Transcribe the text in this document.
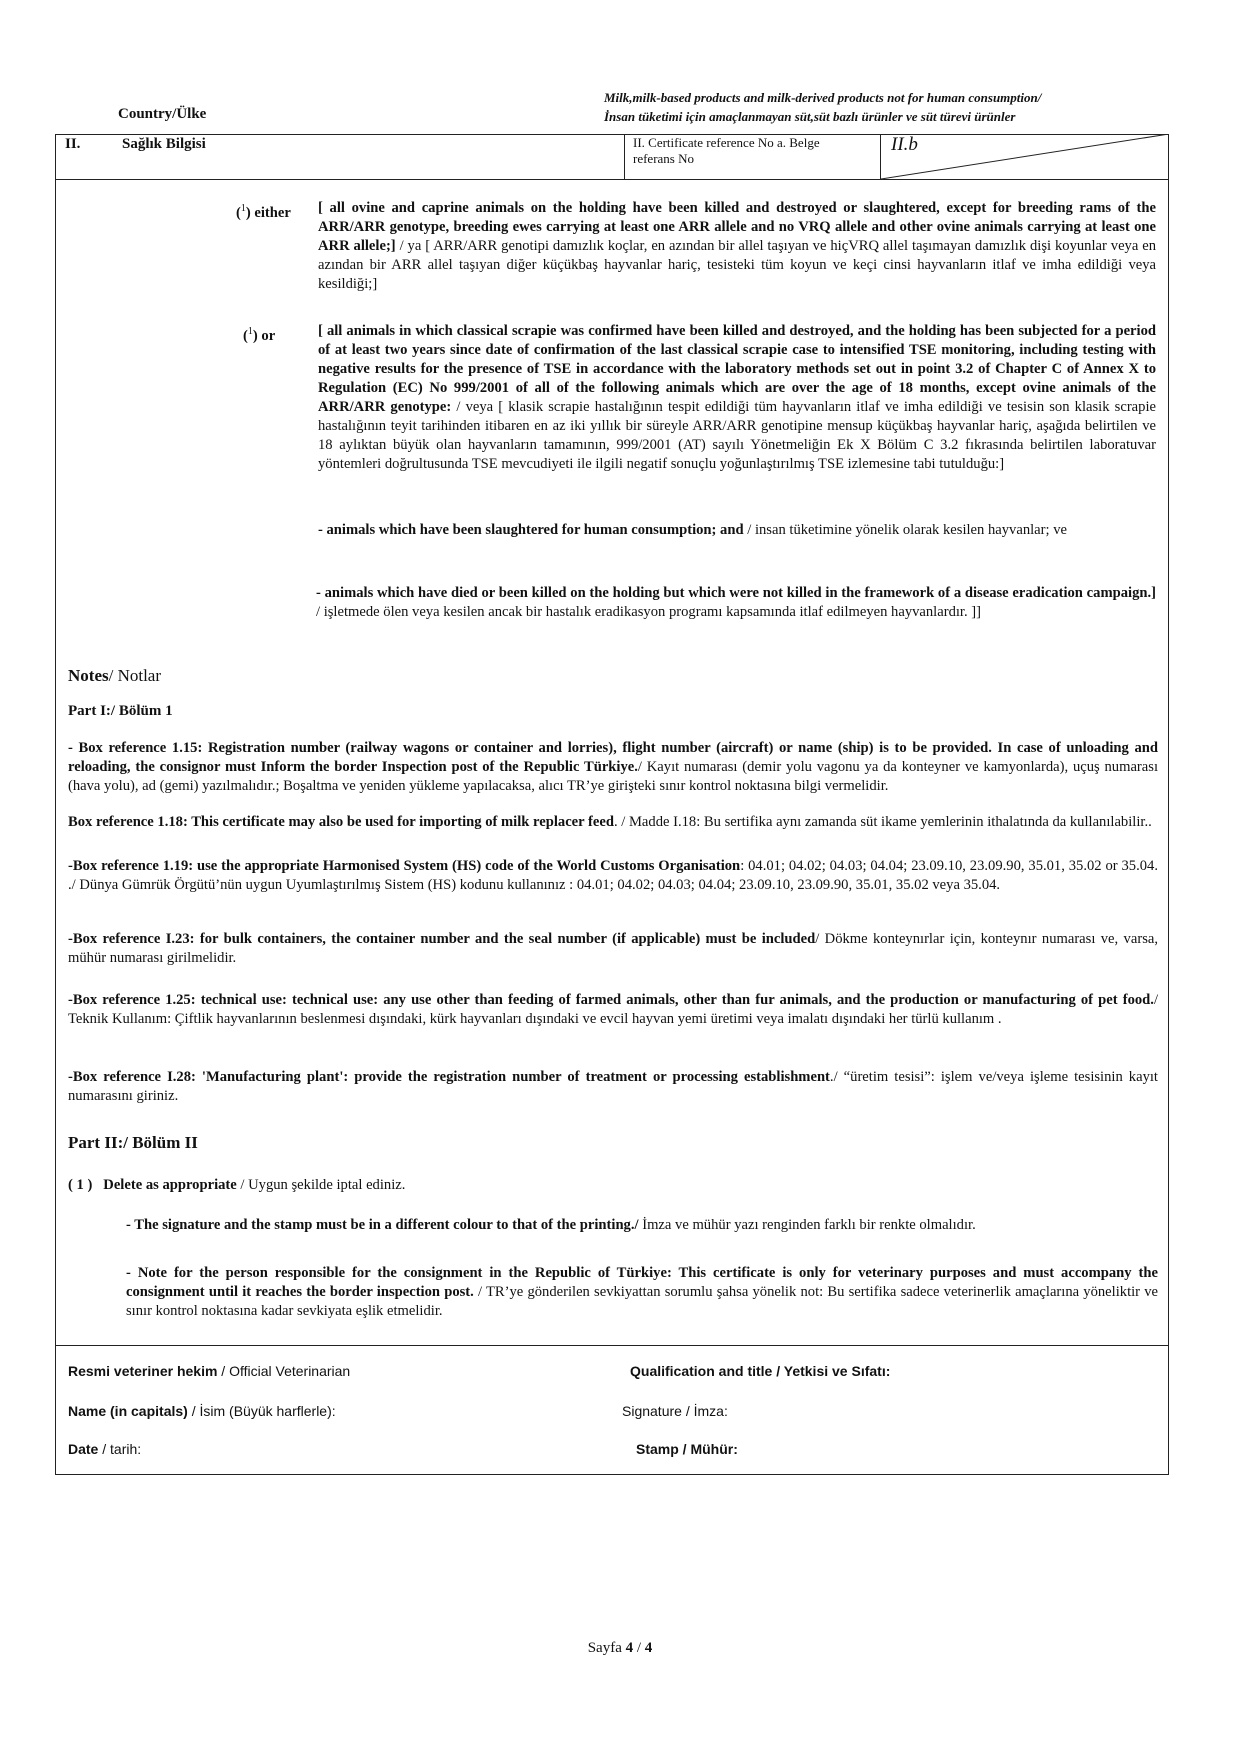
Country/Ülke
Milk,milk-based products and milk-derived products not for human consumption/
İnsan tüketimi için amaçlanmayan süt,süt bazlı ürünler ve süt türevi ürünler
II.	Sağlık Bilgisi	II. Certificate reference No a. Belge referans No
II.b
($^1$) either [ all ovine and caprine animals on the holding have been killed and destroyed or slaughtered, except for breeding rams of the ARR/ARR genotype, breeding ewes carrying at least one ARR allele and no VRQ allele and other ovine animals carrying at least one ARR allele;] / ya [ ARR/ARR genotipi damızlık koçlar, en azından bir allel taşıyan ve hiçVRQ allel taşımayan damızlık dişi koyunlar veya en azından bir ARR allel taşıyan diğer küçükbaş hayvanlar hariç, tesisteki tüm koyun ve keçi cinsi hayvanların itlaf ve imha edildiği veya kesildiği;]
($^1$) or	[ all animals in which classical scrapie was confirmed have been killed and destroyed, and the holding has been subjected for a period of at least two years since date of confirmation of the last classical scrapie case to intensified TSE monitoring, including testing with negative results for the presence of TSE in accordance with the laboratory methods set out in point 3.2 of Chapter C of Annex X to Regulation (EC) No 999/2001 of all of the following animals which are over the age of 18 months, except ovine animals of the ARR/ARR genotype: / veya [ klasik scrapie hastalığının tespit edildiği tüm hayvanların itlaf ve imha edildiği ve tesisin son klasik scrapie hastalığının teyit tarihinden itibaren en az iki yıllık bir süreyle ARR/ARR genotipine mensup küçükbaş hayvanlar hariç, aşağıda belirtilen ve 18 aylıktan büyük olan hayvanların tamamının, 999/2001 (AT) sayılı Yönetmeliğin Ek X Bölüm C 3.2 fıkrasında belirtilen laboratuvar yöntemleri doğrultusunda TSE mevcudiyeti ile ilgili negatif sonuçlu yoğunlaştırılmış TSE izlemesine tabi tutulduğu:]
- animals which have been slaughtered for human consumption; and / insan tüketimine yönelik olarak kesilen hayvanlar; ve
- animals which have died or been killed on the holding but which were not killed in the framework of a disease eradication campaign.] / işletmede ölen veya kesilen ancak bir hastalık eradikasyon programı kapsamında itlaf edilmeyen hayvanlardır. ]]
Notes/ Notlar
Part I:/ Bölüm 1
- Box reference 1.15: Registration number (railway wagons or container and lorries), flight number (aircraft) or name (ship) is to be provided. In case of unloading and reloading, the consignor must Inform the border Inspection post of the Republic Türkiye./ Kayıt numarası (demir yolu vagonu ya da konteyner ve kamyonlarda), uçuş numarası (hava yolu), ad (gemi) yazılmalıdır.; Boşaltma ve yeniden yükleme yapılacaksa, alıcı TR’ye girişteki sınır kontrol noktasına bilgi vermelidir.
Box reference 1.18: This certificate may also be used for importing of milk replacer feed. / Madde I.18: Bu sertifika aynı zamanda süt ikame yemlerinin ithalatında da kullanılabilir..
-Box reference 1.19: use the appropriate Harmonised System (HS) code of the World Customs Organisation: 04.01; 04.02; 04.03; 04.04; 23.09.10, 23.09.90, 35.01, 35.02 or 35.04. ./ Dünya Gümrük Örgütü’nün uygun Uyumlaştırılmış Sistem (HS) kodunu kullanınız : 04.01; 04.02; 04.03; 04.04; 23.09.10, 23.09.90, 35.01, 35.02 veya 35.04.
-Box reference I.23: for bulk containers, the container number and the seal number (if applicable) must be included/ Dökme konteynırlar için, konteynır numarası ve, varsa, mühür numarası girilmelidir.
-Box reference 1.25: technical use: technical use: any use other than feeding of farmed animals, other than fur animals, and the production or manufacturing of pet food./ Teknik Kullanım: Çiftlik hayvanlarının beslenmesi dışındaki, kürk hayvanları dışındaki ve evcil hayvan yemi üretimi veya imalatı dışındaki her türlü kullanım .
-Box reference I.28: 'Manufacturing plant': provide the registration number of treatment or processing establishment./ “üretim tesisi”: işlem ve/veya işleme tesisinin kayıt numarasını giriniz.
Part II:/ Bölüm II
( 1 ) Delete as appropriate / Uygun şekilde iptal ediniz.
- The signature and the stamp must be in a different colour to that of the printing./ İmza ve mühür yazı renginden farklı bir renkte olmalıdır.
- Note for the person responsible for the consignment in the Republic of Türkiye: This certificate is only for veterinary purposes and must accompany the consignment until it reaches the border inspection post. / TR’ye gönderilen sevkiyattan sorumlu şahsa yönelik not: Bu sertifika sadece veterinerlik amaçlarına yöneliktir ve sınır kontrol noktasına kadar sevkiyata eşlik etmelidir.
Resmi veteriner hekim / Official Veterinarian	Qualification and title / Yetkisi ve Sıfatı:
Name (in capitals) / İsim (Büyük harflerle):	Signature / İmza:
Date / tarih:	Stamp / Mühür:
Sayfa 4 / 4
